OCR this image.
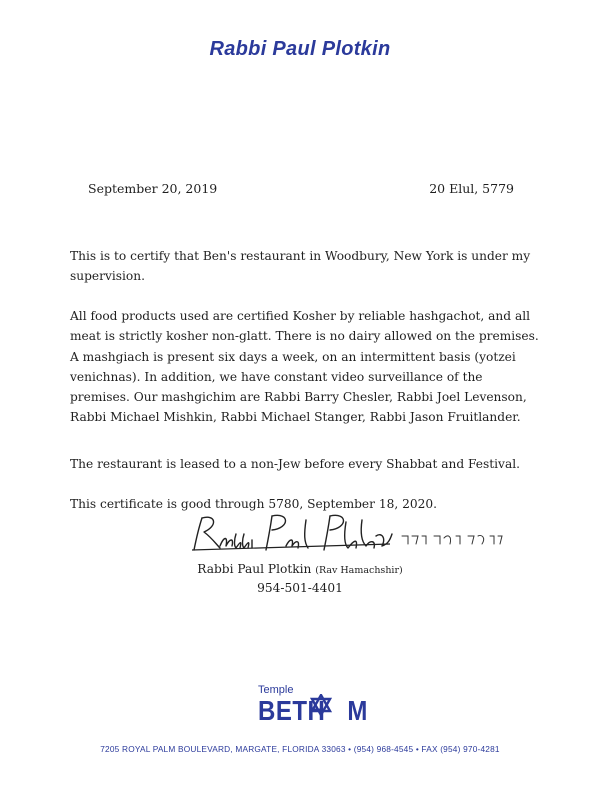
Rabbi Paul Plotkin
September 20, 2019	20 Elul, 5779
This is to certify that Ben's restaurant in Woodbury, New York is under my supervision.
All food products used are certified Kosher by reliable hashgachot, and all meat is strictly kosher non-glatt. There is no dairy allowed on the premises. A mashgiach is present six days a week, on an intermittent basis (yotzei venichnas). In addition, we have constant video surveillance of the premises. Our mashgichim are Rabbi Barry Chesler, Rabbi Joel Levenson, Rabbi Michael Mishkin, Rabbi Michael Stanger, Rabbi Jason Fruitlander.
The restaurant is leased to a non-Jew before every Shabbat and Festival.
This certificate is good through 5780, September 18, 2020.
Rabbi Paul Plotkin (Rav Hamachshir)
954-501-4401
Temple
BETH M
7205 ROYAL PALM BOULEVARD, MARGATE, FLORIDA 33063 • (954) 968-4545 • FAX (954) 970-4281
